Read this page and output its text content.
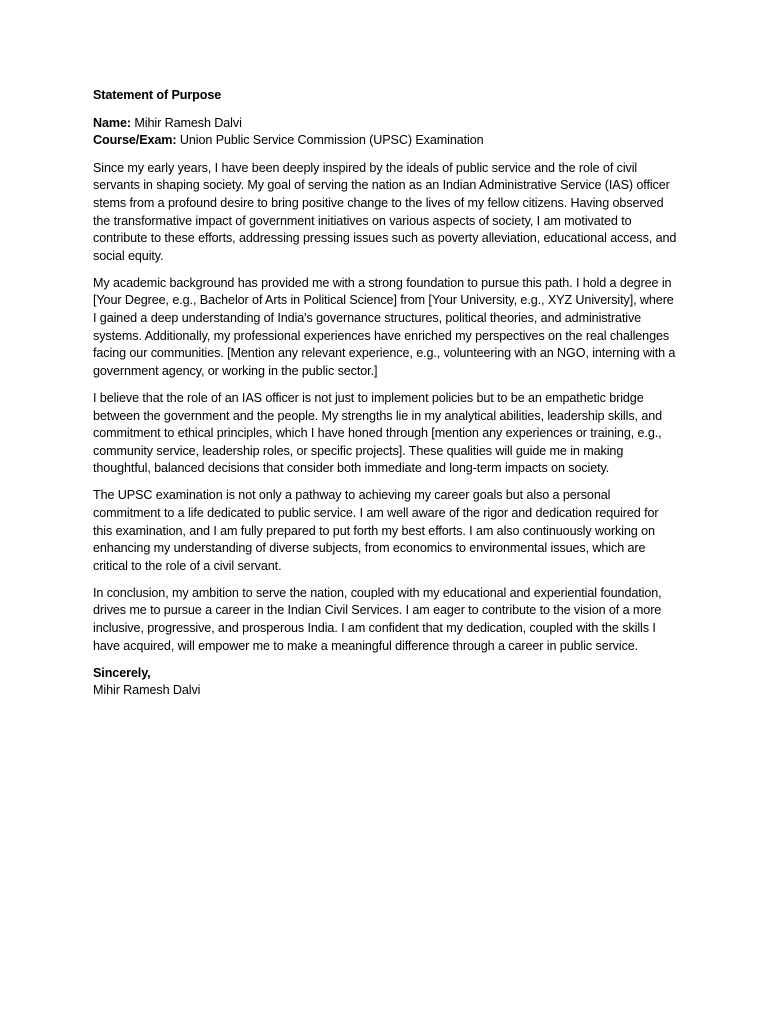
Statement of Purpose

Name: Mihir Ramesh Dalvi
Course/Exam: Union Public Service Commission (UPSC) Examination

Since my early years, I have been deeply inspired by the ideals of public service and the role of civil servants in shaping society. My goal of serving the nation as an Indian Administrative Service (IAS) officer stems from a profound desire to bring positive change to the lives of my fellow citizens. Having observed the transformative impact of government initiatives on various aspects of society, I am motivated to contribute to these efforts, addressing pressing issues such as poverty alleviation, educational access, and social equity.

My academic background has provided me with a strong foundation to pursue this path. I hold a degree in [Your Degree, e.g., Bachelor of Arts in Political Science] from [Your University, e.g., XYZ University], where I gained a deep understanding of India's governance structures, political theories, and administrative systems. Additionally, my professional experiences have enriched my perspectives on the real challenges facing our communities. [Mention any relevant experience, e.g., volunteering with an NGO, interning with a government agency, or working in the public sector.]

I believe that the role of an IAS officer is not just to implement policies but to be an empathetic bridge between the government and the people. My strengths lie in my analytical abilities, leadership skills, and commitment to ethical principles, which I have honed through [mention any experiences or training, e.g., community service, leadership roles, or specific projects]. These qualities will guide me in making thoughtful, balanced decisions that consider both immediate and long-term impacts on society.

The UPSC examination is not only a pathway to achieving my career goals but also a personal commitment to a life dedicated to public service. I am well aware of the rigor and dedication required for this examination, and I am fully prepared to put forth my best efforts. I am also continuously working on enhancing my understanding of diverse subjects, from economics to environmental issues, which are critical to the role of a civil servant.

In conclusion, my ambition to serve the nation, coupled with my educational and experiential foundation, drives me to pursue a career in the Indian Civil Services. I am eager to contribute to the vision of a more inclusive, progressive, and prosperous India. I am confident that my dedication, coupled with the skills I have acquired, will empower me to make a meaningful difference through a career in public service.

Sincerely,
Mihir Ramesh Dalvi
